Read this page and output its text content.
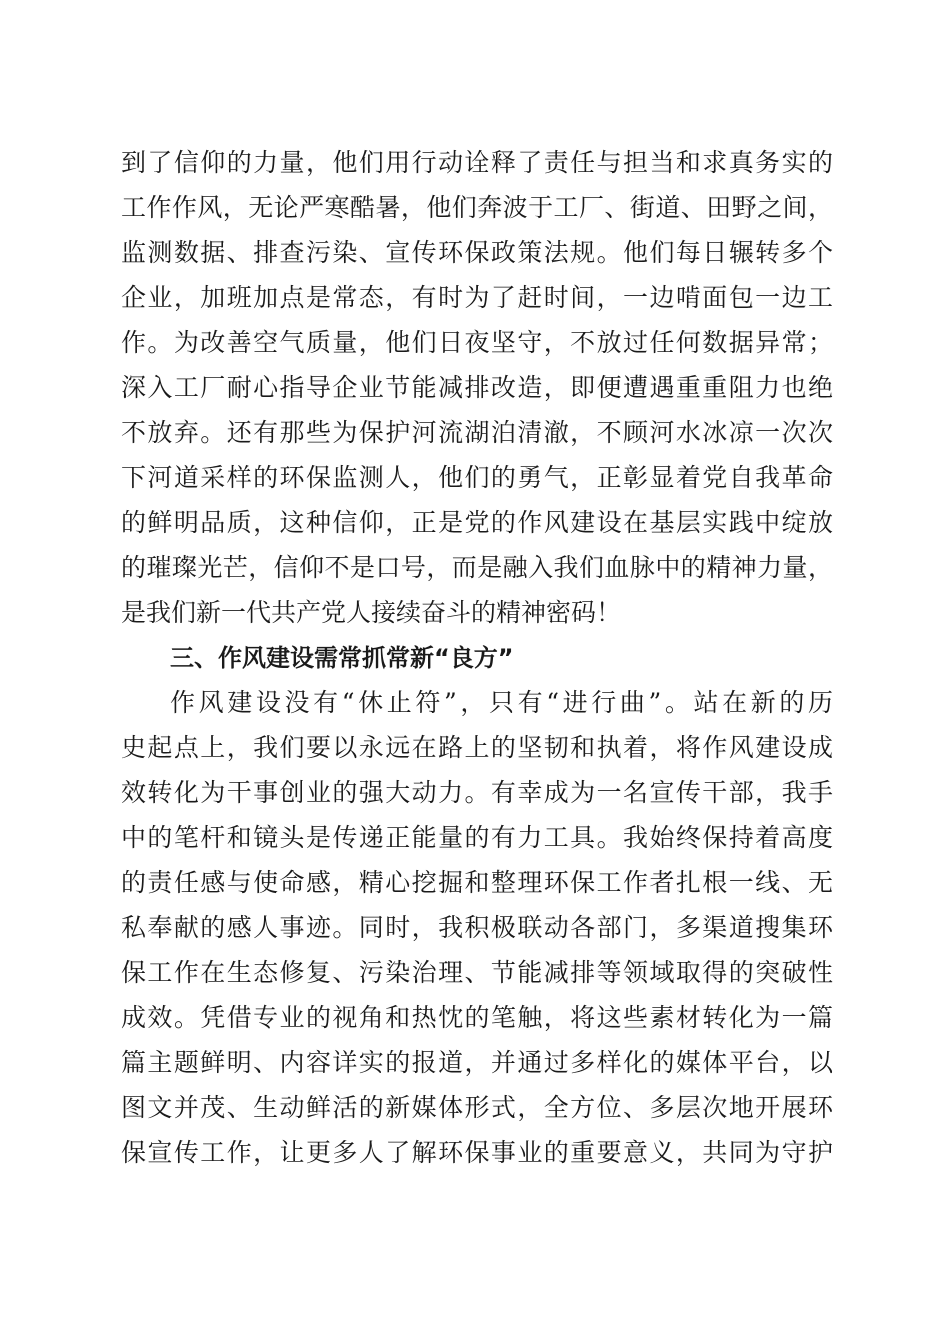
到了信仰的力量，他们用行动诠释了责任与担当和求真务实的
工作作风，无论严寒酷暑，他们奔波于工厂、街道、田野之间，
监测数据、排查污染、宣传环保政策法规。他们每日辗转多个
企业，加班加点是常态，有时为了赶时间，一边啃面包一边工
作。为改善空气质量，他们日夜坚守，不放过任何数据异常；
深入工厂耐心指导企业节能减排改造，即便遭遇重重阻力也绝
不放弃。还有那些为保护河流湖泊清澈，不顾河水冰凉一次次
下河道采样的环保监测人，他们的勇气，正彰显着党自我革命
的鲜明品质，这种信仰，正是党的作风建设在基层实践中绽放
的璀璨光芒，信仰不是口号，而是融入我们血脉中的精神力量，
是我们新一代共产党人接续奋斗的精神密码！
三、作风建设需常抓常新“良方”
作风建设没有“休止符”，只有“进行曲”。站在新的历
史起点上，我们要以永远在路上的坚韧和执着，将作风建设成
效转化为干事创业的强大动力。有幸成为一名宣传干部，我手
中的笔杆和镜头是传递正能量的有力工具。我始终保持着高度
的责任感与使命感，精心挖掘和整理环保工作者扎根一线、无
私奉献的感人事迹。同时，我积极联动各部门，多渠道搜集环
保工作在生态修复、污染治理、节能减排等领域取得的突破性
成效。凭借专业的视角和热忱的笔触，将这些素材转化为一篇
篇主题鲜明、内容详实的报道，并通过多样化的媒体平台，以
图文并茂、生动鲜活的新媒体形式，全方位、多层次地开展环
保宣传工作，让更多人了解环保事业的重要意义，共同为守护
